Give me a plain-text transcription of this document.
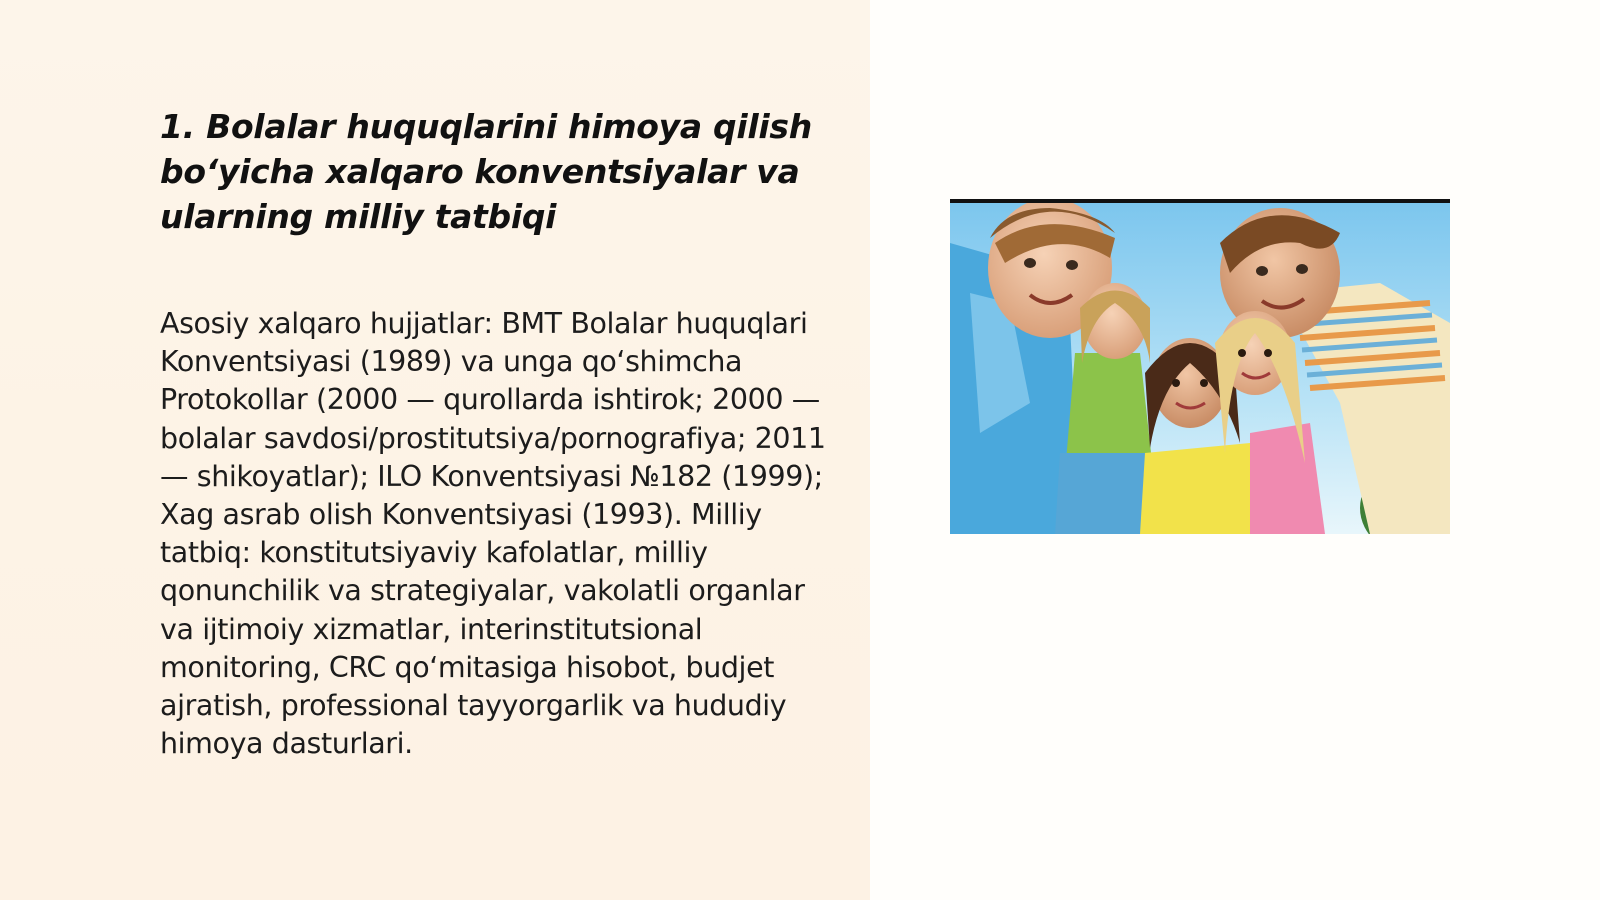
1. Bolalar huquqlarini himoya qilish bo‘yicha xalqaro konventsiyalar va ularning milliy tatbiqi

Asosiy xalqaro hujjatlar: BMT Bolalar huquqlari Konventsiyasi (1989) va unga qo‘shimcha Protokollar (2000 — qurollarda ishtirok; 2000 — bolalar savdosi/prostitutsiya/pornografiya; 2011 — shikoyatlar); ILO Konventsiyasi №182 (1999); Xag asrab olish Konventsiyasi (1993). Milliy tatbiq: konstitutsiyaviy kafolatlar, milliy qonunchilik va strategiyalar, vakolatli organlar va ijtimoiy xizmatlar, interinstitutsional monitoring, CRC qo‘mitasiga hisobot, budjet ajratish, professional tayyorgarlik va hududiy himoya dasturlari.
